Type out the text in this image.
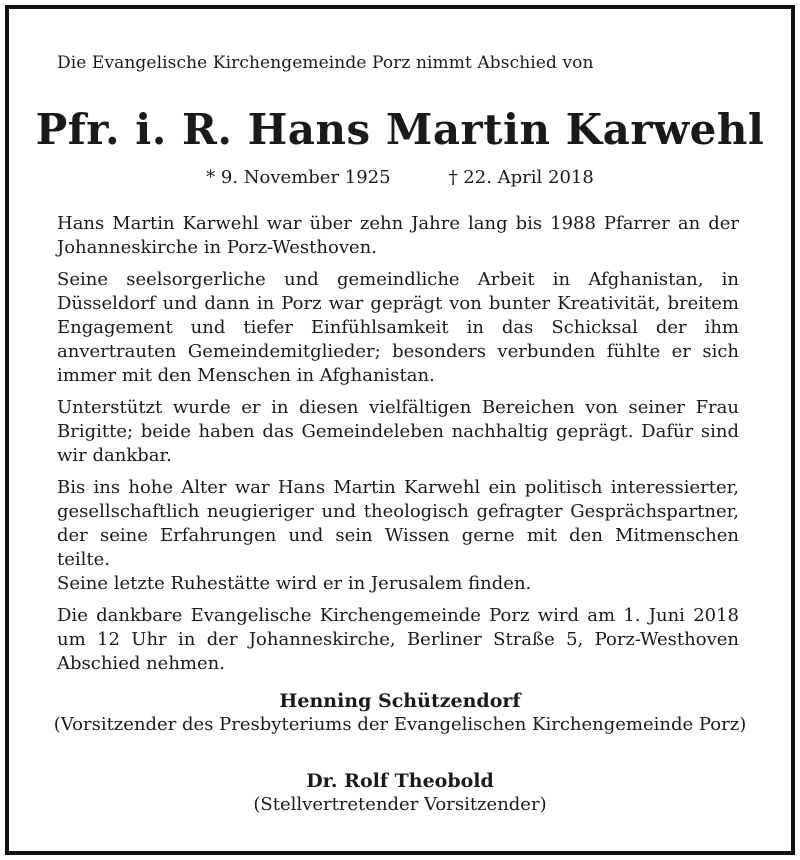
Die Evangelische Kirchengemeinde Porz nimmt Abschied von
Pfr. i. R. Hans Martin Karwehl
* 9. November 1925	† 22. April 2018

Hans Martin Karwehl war über zehn Jahre lang bis 1988 Pfarrer an der Johanneskirche in Porz-Westhoven.

Seine seelsorgerliche und gemeindliche Arbeit in Afghanistan, in Düsseldorf und dann in Porz war geprägt von bunter Kreativität, breitem Engagement und tiefer Einfühlsamkeit in das Schicksal der ihm anvertrauten Gemeindemitglieder; besonders verbunden fühlte er sich immer mit den Menschen in Afghanistan.

Unterstützt wurde er in diesen vielfältigen Bereichen von seiner Frau Brigitte; beide haben das Gemeindeleben nachhaltig geprägt. Dafür sind wir dankbar.

Bis ins hohe Alter war Hans Martin Karwehl ein politisch interessierter, gesellschaftlich neugieriger und theologisch gefragter Gesprächspartner, der seine Erfahrungen und sein Wissen gerne mit den Mitmenschen teilte.

Seine letzte Ruhestätte wird er in Jerusalem finden.

Die dankbare Evangelische Kirchengemeinde Porz wird am 1. Juni 2018 um 12 Uhr in der Johanneskirche, Berliner Straße 5, Porz-Westhoven Abschied nehmen.

Henning Schützendorf
(Vorsitzender des Presbyteriums der Evangelischen Kirchengemeinde Porz)
Dr. Rolf Theobold
(Stellvertretender Vorsitzender)
